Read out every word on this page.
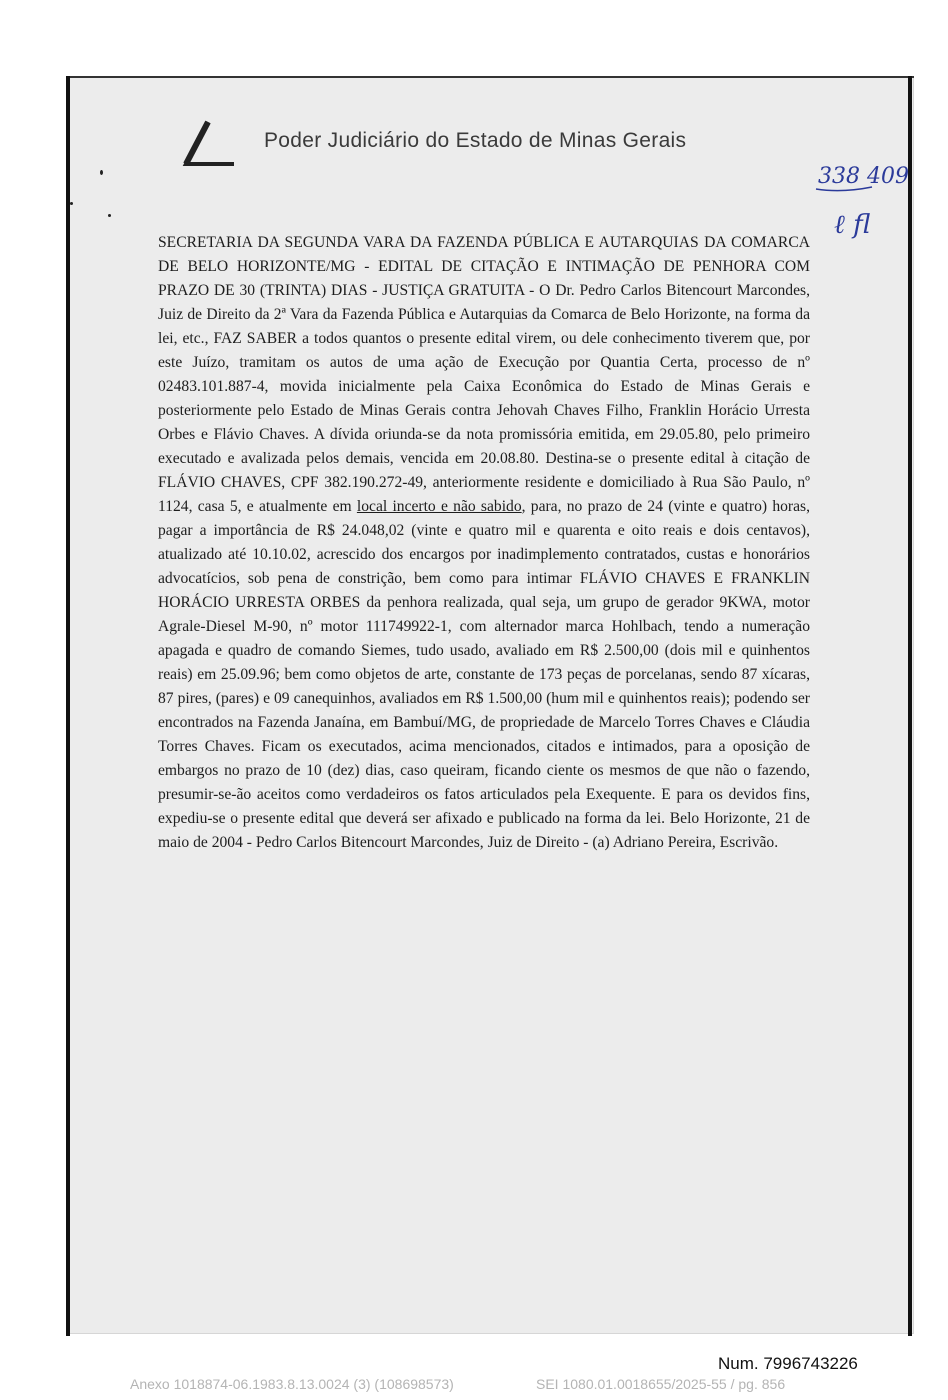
Poder Judiciário do Estado de Minas Gerais
338 409
ℓ fl
SECRETARIA DA SEGUNDA VARA DA FAZENDA PÚBLICA E AUTARQUIAS DA COMARCA DE BELO HORIZONTE/MG - EDITAL DE CITAÇÃO E INTIMAÇÃO DE PENHORA COM PRAZO DE 30 (TRINTA) DIAS - JUSTIÇA GRATUITA - O Dr. Pedro Carlos Bitencourt Marcondes, Juiz de Direito da 2ª Vara da Fazenda Pública e Autarquias da Comarca de Belo Horizonte, na forma da lei, etc., FAZ SABER a todos quantos o presente edital virem, ou dele conhecimento tiverem que, por este Juízo, tramitam os autos de uma ação de Execução por Quantia Certa, processo de nº 02483.101.887-4, movida inicialmente pela Caixa Econômica do Estado de Minas Gerais e posteriormente pelo Estado de Minas Gerais contra Jehovah Chaves Filho, Franklin Horácio Urresta Orbes e Flávio Chaves. A dívida oriunda-se da nota promissória emitida, em 29.05.80, pelo primeiro executado e avalizada pelos demais, vencida em 20.08.80. Destina-se o presente edital à citação de FLÁVIO CHAVES, CPF 382.190.272-49, anteriormente residente e domiciliado à Rua São Paulo, nº 1124, casa 5, e atualmente em local incerto e não sabido, para, no prazo de 24 (vinte e quatro) horas, pagar a importância de R$ 24.048,02 (vinte e quatro mil e quarenta e oito reais e dois centavos), atualizado até 10.10.02, acrescido dos encargos por inadimplemento contratados, custas e honorários advocatícios, sob pena de constrição, bem como para intimar FLÁVIO CHAVES E FRANKLIN HORÁCIO URRESTA ORBES da penhora realizada, qual seja, um grupo de gerador 9KWA, motor Agrale-Diesel M-90, nº motor 111749922-1, com alternador marca Hohlbach, tendo a numeração apagada e quadro de comando Siemes, tudo usado, avaliado em R$ 2.500,00 (dois mil e quinhentos reais) em 25.09.96; bem como objetos de arte, constante de 173 peças de porcelanas, sendo 87 xícaras, 87 pires, (pares) e 09 canequinhos, avaliados em R$ 1.500,00 (hum mil e quinhentos reais); podendo ser encontrados na Fazenda Janaína, em Bambuí/MG, de propriedade de Marcelo Torres Chaves e Cláudia Torres Chaves. Ficam os executados, acima mencionados, citados e intimados, para a oposição de embargos no prazo de 10 (dez) dias, caso queiram, ficando ciente os mesmos de que não o fazendo, presumir-se-ão aceitos como verdadeiros os fatos articulados pela Exequente. E para os devidos fins, expediu-se o presente edital que deverá ser afixado e publicado na forma da lei. Belo Horizonte, 21 de maio de 2004 - Pedro Carlos Bitencourt Marcondes, Juiz de Direito - (a) Adriano Pereira, Escrivão.
Num. 7996743226
Anexo 1018874-06.1983.8.13.0024 (3) (108698573)	SEI 1080.01.0018655/2025-55 / pg. 856
